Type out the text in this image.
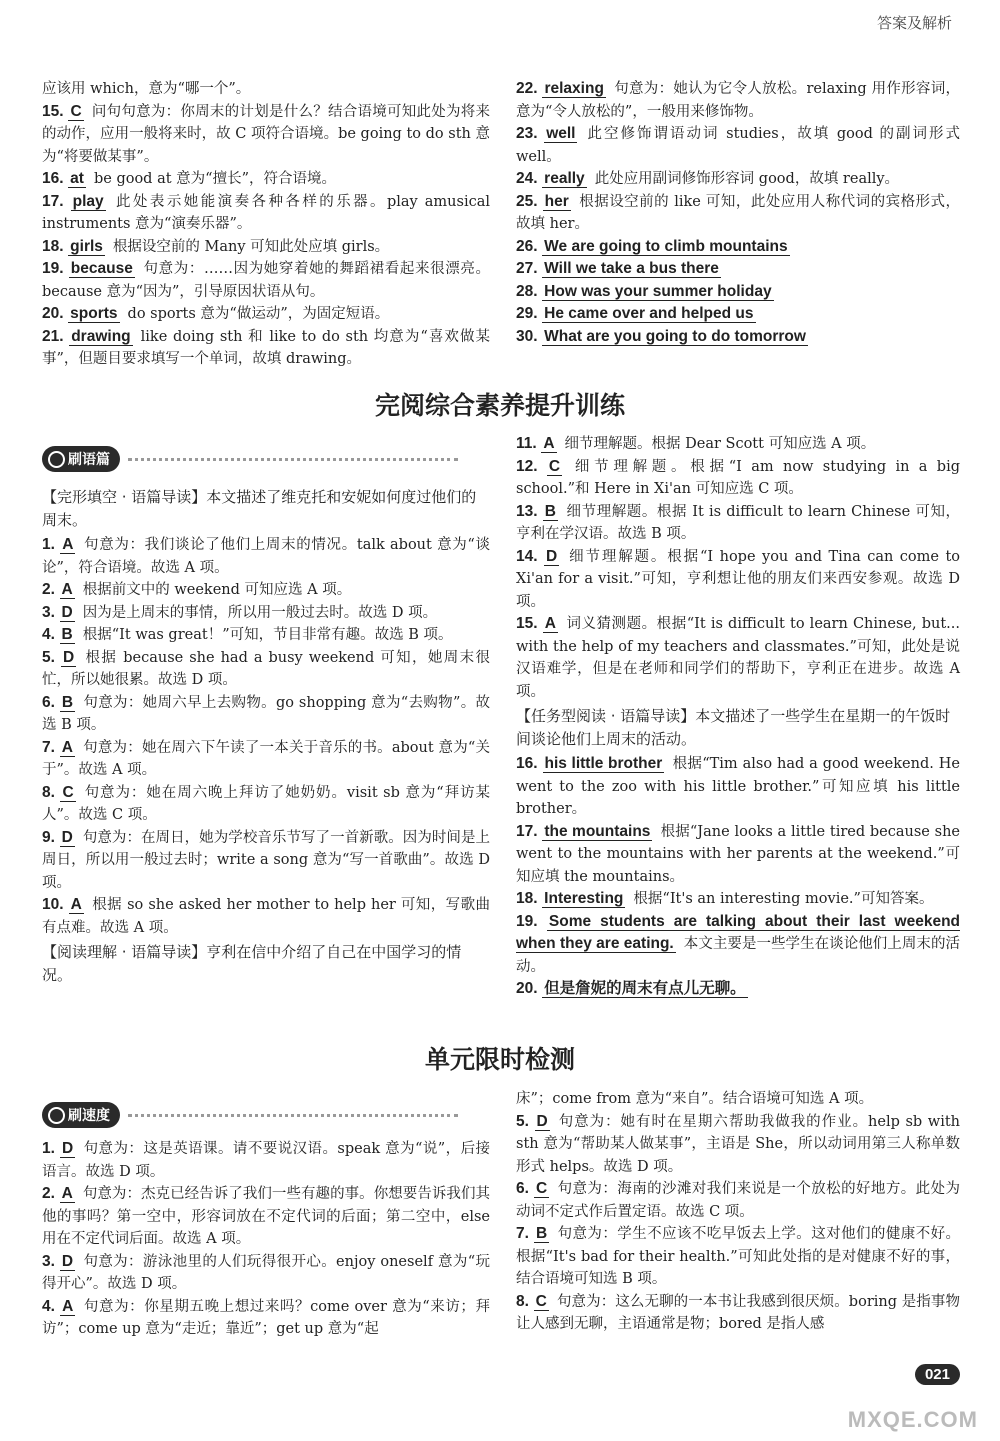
答案及解析

应该用 which，意为“哪一个”。

15. C 问句句意为：你周末的计划是什么？结合语境可知此处为将来的动作，应用一般将来时，故 C 项符合语境。be going to do sth 意为“将要做某事”。

16. at be good at 意为“擅长”，符合语境。

17. play 此处表示她能演奏各种各样的乐器。play amusical instruments 意为“演奏乐器”。

18. girls 根据设空前的 Many 可知此处应填 girls。

19. because 句意为：……因为她穿着她的舞蹈裙看起来很漂亮。because 意为“因为”，引导原因状语从句。

20. sports do sports 意为“做运动”，为固定短语。

21. drawing like doing sth 和 like to do sth 均意为“喜欢做某事”，但题目要求填写一个单词，故填 drawing。

22. relaxing 句意为：她认为它令人放松。relaxing 用作形容词，意为“令人放松的”，一般用来修饰物。

23. well 此空修饰谓语动词 studies，故填 good 的副词形式 well。

24. really 此处应用副词修饰形容词 good，故填 really。

25. her 根据设空前的 like 可知，此处应用人称代词的宾格形式，故填 her。

26. We are going to climb mountains

27. Will we take a bus there

28. How was your summer holiday

29. He came over and helped us

30. What are you going to do tomorrow

完阅综合素养提升训练
刷语篇

【完形填空 · 语篇导读】本文描述了维克托和安妮如何度过他们的周末。

1. A 句意为：我们谈论了他们上周末的情况。talk about 意为“谈论”，符合语境。故选 A 项。

2. A 根据前文中的 weekend 可知应选 A 项。

3. D 因为是上周末的事情，所以用一般过去时。故选 D 项。

4. B 根据“It was great！”可知，节目非常有趣。故选 B 项。

5. D 根据 because she had a busy weekend 可知，她周末很忙，所以她很累。故选 D 项。

6. B 句意为：她周六早上去购物。go shopping 意为“去购物”。故选 B 项。

7. A 句意为：她在周六下午读了一本关于音乐的书。about 意为“关于”。故选 A 项。

8. C 句意为：她在周六晚上拜访了她奶奶。visit sb 意为“拜访某人”。故选 C 项。

9. D 句意为：在周日，她为学校音乐节写了一首新歌。因为时间是上周日，所以用一般过去时；write a song 意为“写一首歌曲”。故选 D 项。

10. A 根据 so she asked her mother to help her 可知，写歌曲有点难。故选 A 项。

【阅读理解 · 语篇导读】亨利在信中介绍了自己在中国学习的情况。

11. A 细节理解题。根据 Dear Scott 可知应选 A 项。

12. C 细节理解题。根据“I am now studying in a big school.”和 Here in Xi'an 可知应选 C 项。

13. B 细节理解题。根据 It is difficult to learn Chinese 可知，亨利在学汉语。故选 B 项。

14. D 细节理解题。根据“I hope you and Tina can come to Xi'an for a visit.”可知，亨利想让他的朋友们来西安参观。故选 D 项。

15. A 词义猜测题。根据“It is difficult to learn Chinese, but... with the help of my teachers and classmates.”可知，此处是说汉语难学，但是在老师和同学们的帮助下，亨利正在进步。故选 A 项。

【任务型阅读 · 语篇导读】本文描述了一些学生在星期一的午饭时间谈论他们上周末的活动。

16. his little brother 根据“Tim also had a good weekend. He went to the zoo with his little brother.”可知应填 his little brother。

17. the mountains 根据“Jane looks a little tired because she went to the mountains with her parents at the weekend.”可知应填 the mountains。

18. Interesting 根据“It's an interesting movie.”可知答案。

19. Some students are talking about their last weekend when they are eating. 本文主要是一些学生在谈论他们上周末的活动。

20. 但是詹妮的周末有点儿无聊。

单元限时检测
刷速度

1. D 句意为：这是英语课。请不要说汉语。speak 意为“说”，后接语言。故选 D 项。

2. A 句意为：杰克已经告诉了我们一些有趣的事。你想要告诉我们其他的事吗？第一空中，形容词放在不定代词的后面；第二空中，else 用在不定代词后面。故选 A 项。

3. D 句意为：游泳池里的人们玩得很开心。enjoy oneself 意为“玩得开心”。故选 D 项。

4. A 句意为：你星期五晚上想过来吗？come over 意为“来访；拜访”；come up 意为“走近；靠近”；get up 意为“起

床”；come from 意为“来自”。结合语境可知选 A 项。

5. D 句意为：她有时在星期六帮助我做我的作业。help sb with sth 意为“帮助某人做某事”，主语是 She，所以动词用第三人称单数形式 helps。故选 D 项。

6. C 句意为：海南的沙滩对我们来说是一个放松的好地方。此处为动词不定式作后置定语。故选 C 项。

7. B 句意为：学生不应该不吃早饭去上学。这对他们的健康不好。根据“It's bad for their health.”可知此处指的是对健康不好的事，结合语境可知选 B 项。

8. C 句意为：这么无聊的一本书让我感到很厌烦。boring 是指事物让人感到无聊，主语通常是物；bored 是指人感

021
MXQE.COM
